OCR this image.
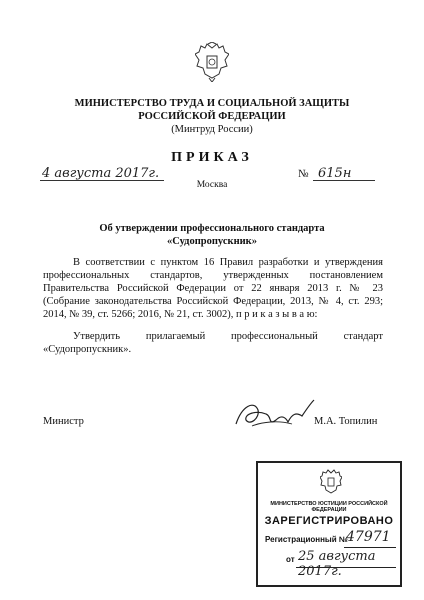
МИНИСТЕРСТВО ТРУДА И СОЦИАЛЬНОЙ ЗАЩИТЫ
РОССИЙСКОЙ ФЕДЕРАЦИИ
(Минтруд России)
ПРИКАЗ
4 августа 2017г.
Москва
№ 615н
Об утверждении профессионального стандарта
«Судопропускник»
В соответствии с пунктом 16 Правил разработки и утверждения
профессиональных стандартов, утвержденных постановлением
Правительства Российской Федерации от 22 января 2013 г. № 23
(Собрание законодательства Российской Федерации, 2013, № 4, ст. 293;
2014, № 39, ст. 5266; 2016, № 21, ст. 3002), п р и к а з ы в а ю:
Утвердить прилагаемый профессиональный стандарт
«Судопропускник».
Министр	М.А. Топилин
МИНИСТЕРСТВО ЮСТИЦИИ РОССИЙСКОЙ ФЕДЕРАЦИИ
ЗАРЕГИСТРИРОВАНО
Регистрационный №
47971
от 25 августа 2017г.
